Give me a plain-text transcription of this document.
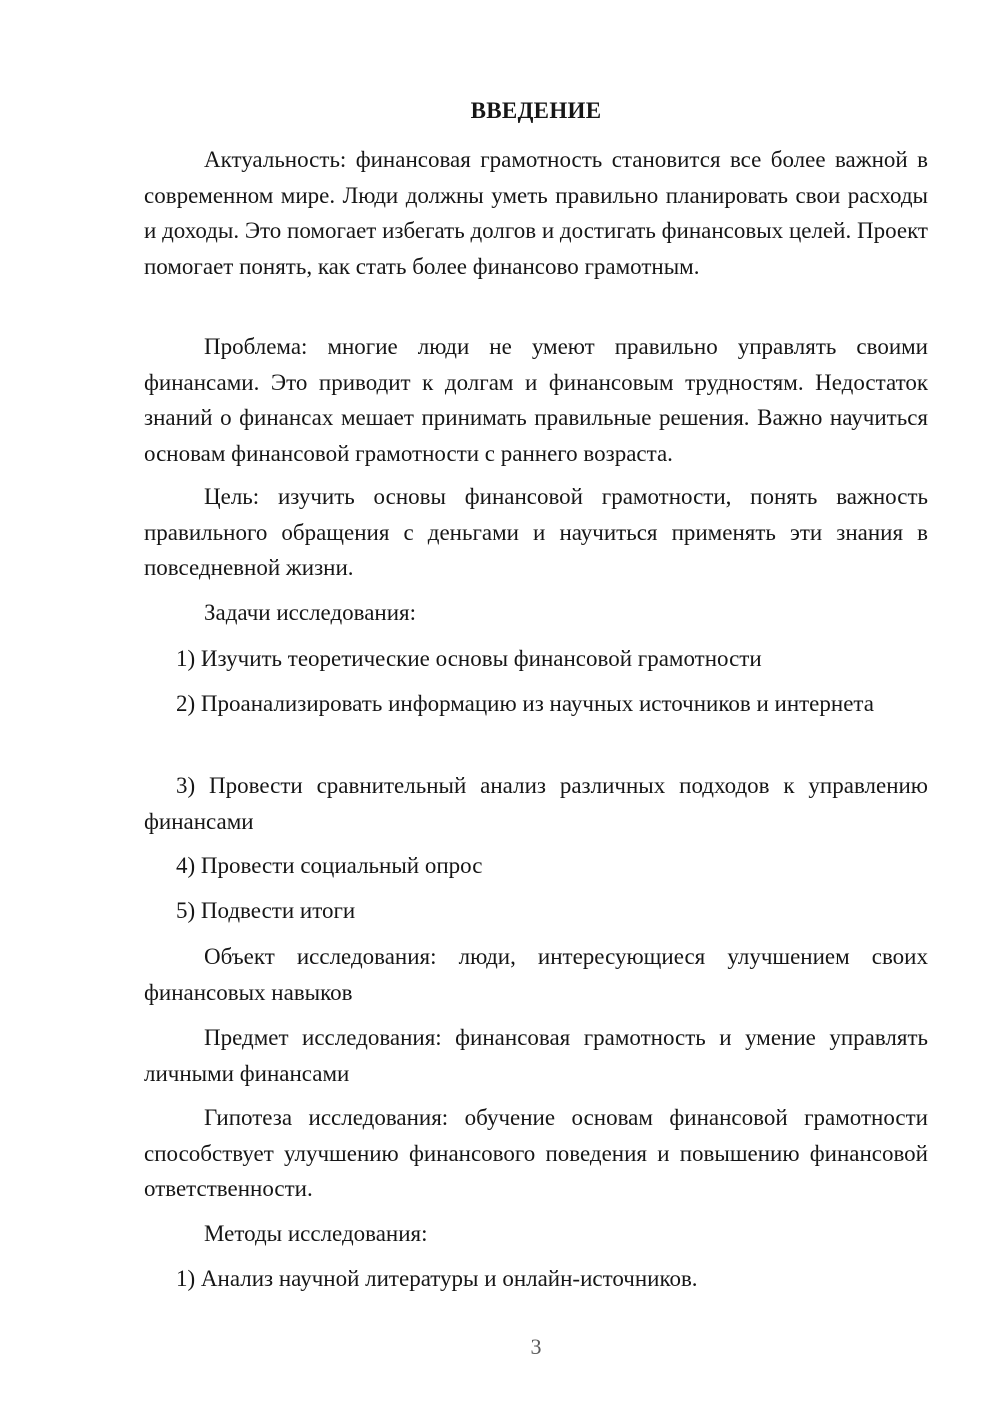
ВВЕДЕНИЕ

Актуальность: финансовая грамотность становится все более важной в современном мире. Люди должны уметь правильно планировать свои расходы и доходы. Это помогает избегать долгов и достигать финансовых целей. Проект помогает понять, как стать более финансово грамотным.

Проблема: многие люди не умеют правильно управлять своими финансами. Это приводит к долгам и финансовым трудностям. Недостаток знаний о финансах мешает принимать правильные решения. Важно научиться основам финансовой грамотности с раннего возраста.

Цель: изучить основы финансовой грамотности, понять важность правильного обращения с деньгами и научиться применять эти знания в повседневной жизни.

Задачи исследования:

1) Изучить теоретические основы финансовой грамотности

2) Проанализировать информацию из научных источников и интернета

3) Провести сравнительный анализ различных подходов к управлению финансами

4) Провести социальный опрос

5) Подвести итоги

Объект исследования: люди, интересующиеся улучшением своих финансовых навыков

Предмет исследования: финансовая грамотность и умение управлять личными финансами

Гипотеза исследования: обучение основам финансовой грамотности способствует улучшению финансового поведения и повышению финансовой ответственности.

Методы исследования:

1) Анализ научной литературы и онлайн-источников.

3
